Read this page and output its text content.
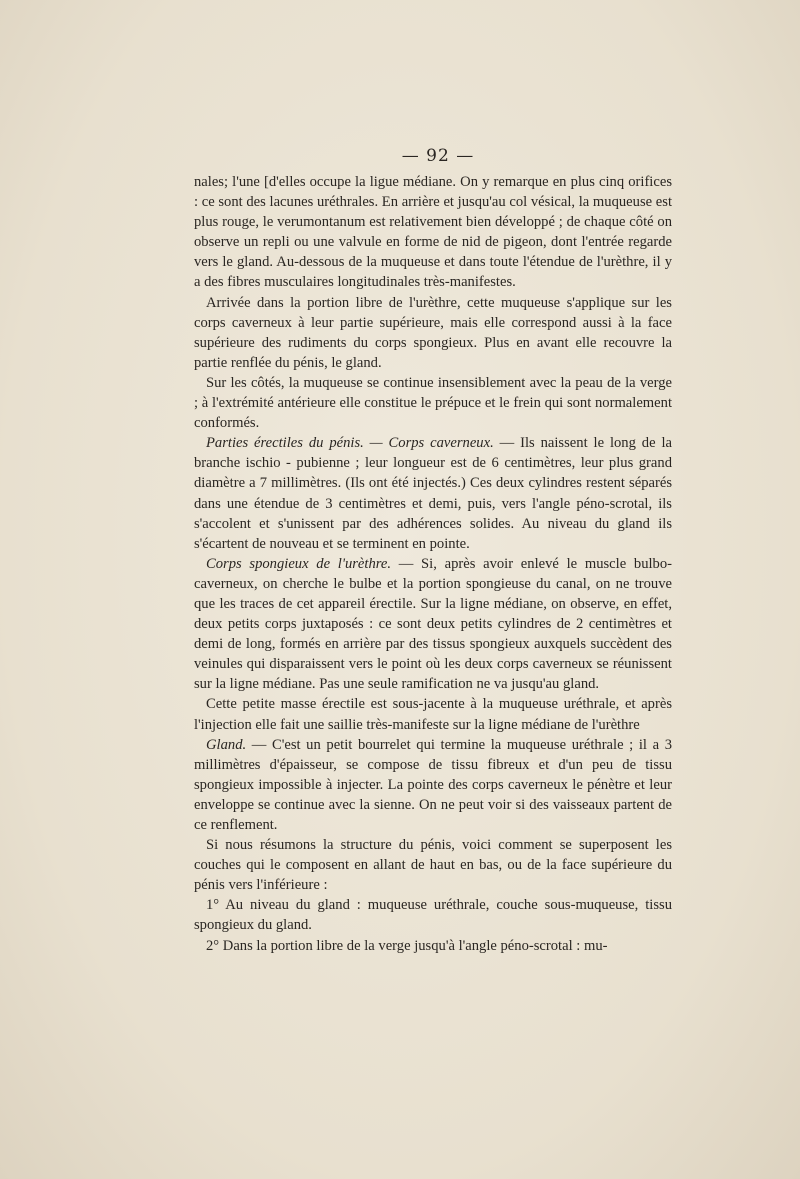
— 92 —

nales; l'une [d'elles occupe la ligue médiane. On y remarque en plus cinq orifices : ce sont des lacunes uréthrales. En arrière et jusqu'au col vésical, la muqueuse est plus rouge, le verumontanum est relativement bien développé ; de chaque côté on observe un repli ou une valvule en forme de nid de pigeon, dont l'entrée regarde vers le gland. Au-dessous de la muqueuse et dans toute l'étendue de l'urèthre, il y a des fibres musculaires longitudinales très-manifestes.

Arrivée dans la portion libre de l'urèthre, cette muqueuse s'applique sur les corps caverneux à leur partie supérieure, mais elle correspond aussi à la face supérieure des rudiments du corps spongieux. Plus en avant elle recouvre la partie renflée du pénis, le gland.

Sur les côtés, la muqueuse se continue insensiblement avec la peau de la verge ; à l'extrémité antérieure elle constitue le prépuce et le frein qui sont normalement conformés.

Parties érectiles du pénis. — Corps caverneux. — Ils naissent le long de la branche ischio - pubienne ; leur longueur est de 6 centimètres, leur plus grand diamètre a 7 millimètres. (Ils ont été injectés.) Ces deux cylindres restent séparés dans une étendue de 3 centimètres et demi, puis, vers l'angle péno-scrotal, ils s'accolent et s'unissent par des adhérences solides. Au niveau du gland ils s'écartent de nouveau et se terminent en pointe.

Corps spongieux de l'urèthre. — Si, après avoir enlevé le muscle bulbo-caverneux, on cherche le bulbe et la portion spongieuse du canal, on ne trouve que les traces de cet appareil érectile. Sur la ligne médiane, on observe, en effet, deux petits corps juxtaposés : ce sont deux petits cylindres de 2 centimètres et demi de long, formés en arrière par des tissus spongieux auxquels succèdent des veinules qui disparaissent vers le point où les deux corps caverneux se réunissent sur la ligne médiane. Pas une seule ramification ne va jusqu'au gland.

Cette petite masse érectile est sous-jacente à la muqueuse uréthrale, et après l'injection elle fait une saillie très-manifeste sur la ligne médiane de l'urèthre

Gland. — C'est un petit bourrelet qui termine la muqueuse uréthrale ; il a 3 millimètres d'épaisseur, se compose de tissu fibreux et d'un peu de tissu spongieux impossible à injecter. La pointe des corps caverneux le pénètre et leur enveloppe se continue avec la sienne. On ne peut voir si des vaisseaux partent de ce renflement.

Si nous résumons la structure du pénis, voici comment se superposent les couches qui le composent en allant de haut en bas, ou de la face supérieure du pénis vers l'inférieure :

1° Au niveau du gland : muqueuse uréthrale, couche sous-muqueuse, tissu spongieux du gland.

2° Dans la portion libre de la verge jusqu'à l'angle péno-scrotal : mu-
